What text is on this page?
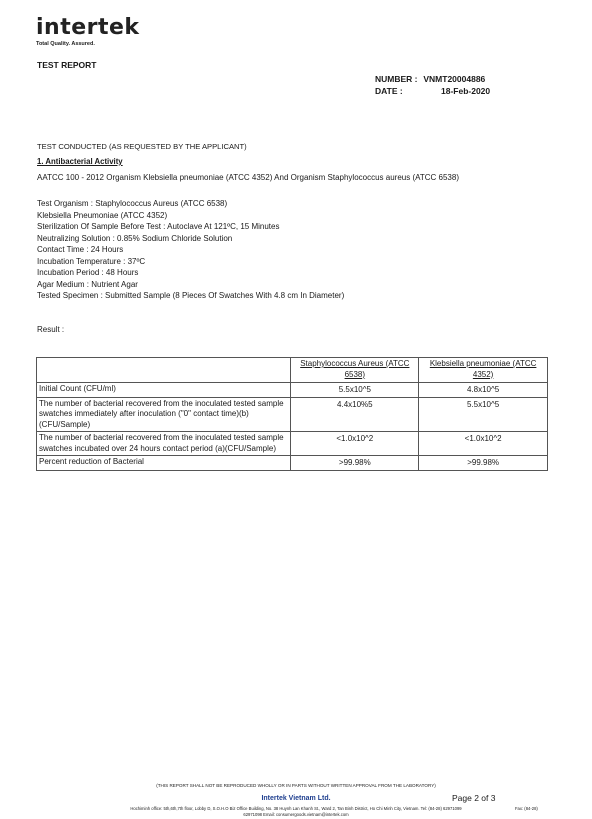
intertek
Total Quality. Assured.
TEST REPORT
NUMBER : VNMT20004886
DATE :	18-Feb-2020
TEST CONDUCTED (AS REQUESTED BY THE APPLICANT)
1. Antibacterial Activity
AATCC 100 - 2012 Organism Klebsiella pneumoniae (ATCC 4352) And Organism Staphylococcus aureus (ATCC 6538)
Test Organism : Staphylococcus Aureus (ATCC 6538)
Klebsiella Pneumoniae (ATCC 4352)
Sterilization Of Sample Before Test : Autoclave At 121ºC, 15 Minutes
Neutralizing Solution : 0.85% Sodium Chloride Solution
Contact Time : 24 Hours
Incubation Temperature : 37ºC
Incubation Period : 48 Hours
Agar Medium : Nutrient Agar
Tested Specimen : Submitted Sample (8 Pieces Of Swatches With 4.8 cm In Diameter)
Result :
	Staphylococcus Aureus (ATCC 6538)	Klebsiella pneumoniae (ATCC 4352)
Initial Count (CFU/ml)	5.5x10^5	4.8x10^5
The number of bacterial recovered from the inoculated tested sample swatches immediately after inoculation ("0" contact time)(b)(CFU/Sample)	4.4x10%5	5.5x10^5
The number of bacterial recovered from the inoculated tested sample swatches incubated over 24 hours contact period (a)(CFU/Sample)	<1.0x10^2	<1.0x10^2
Percent reduction of Bacterial	>99.98%	>99.98%
(THIS REPORT SHALL NOT BE REPRODUCED WHOLLY OR IN PARTS WITHOUT WRITTEN APPROVAL FROM THE LABORATORY)
Intertek Vietnam Ltd.	Page 2 of 3
Hochiminh office: 5th,6th,7th floor, Lobby D, S.O.H.O Biz Office Building, No. 38 Huynh Lan Khanh St., Ward 2, Tan Binh District, Ho Chi Minh City, Vietnam. Tel: (84-28) 62971099	Fax: (84-28)
62971098 Email: consumergoods.vietnam@intertek.com
